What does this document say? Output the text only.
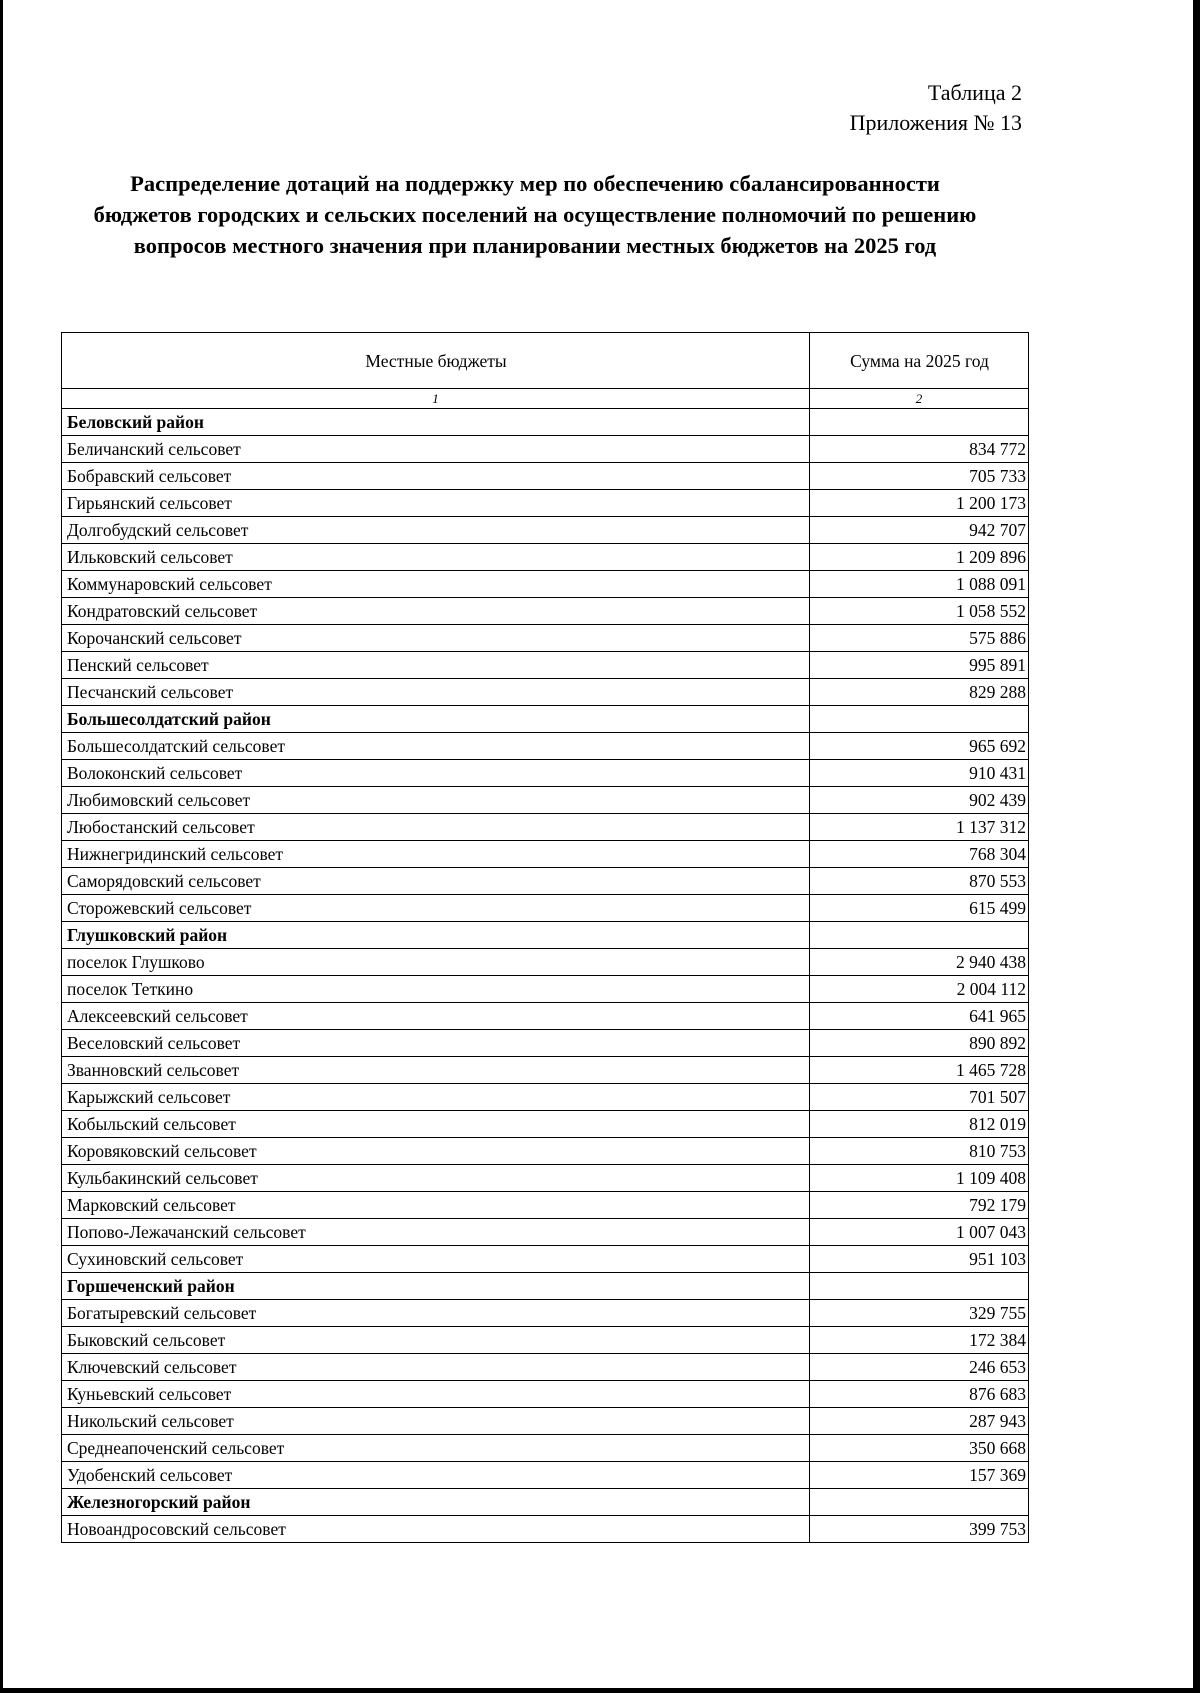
Таблица 2
Приложения № 13
Распределение дотаций на поддержку мер по обеспечению сбалансированности
бюджетов городских и сельских поселений на осуществление полномочий по решению
вопросов местного значения при планировании местных бюджетов на 2025 год
Местные бюджеты	Сумма на 2025 год
1	2
Беловский район	
Беличанский сельсовет	834 772
Бобравский сельсовет	705 733
Гирьянский сельсовет	1 200 173
Долгобудский сельсовет	942 707
Ильковский сельсовет	1 209 896
Коммунаровский сельсовет	1 088 091
Кондратовский сельсовет	1 058 552
Корочанский сельсовет	575 886
Пенский сельсовет	995 891
Песчанский сельсовет	829 288
Большесолдатский район	
Большесолдатский сельсовет	965 692
Волоконский сельсовет	910 431
Любимовский сельсовет	902 439
Любостанский сельсовет	1 137 312
Нижнегридинский сельсовет	768 304
Саморядовский сельсовет	870 553
Сторожевский сельсовет	615 499
Глушковский район	
поселок Глушково	2 940 438
поселок Теткино	2 004 112
Алексеевский сельсовет	641 965
Веселовский сельсовет	890 892
Званновский сельсовет	1 465 728
Карыжский сельсовет	701 507
Кобыльский сельсовет	812 019
Коровяковский сельсовет	810 753
Кульбакинский сельсовет	1 109 408
Марковский сельсовет	792 179
Попово-Лежачанский сельсовет	1 007 043
Сухиновский сельсовет	951 103
Горшеченский район	
Богатыревский сельсовет	329 755
Быковский сельсовет	172 384
Ключевский сельсовет	246 653
Куньевский сельсовет	876 683
Никольский сельсовет	287 943
Среднеапоченский сельсовет	350 668
Удобенский сельсовет	157 369
Железногорский район	
Новоандросовский сельсовет	399 753
